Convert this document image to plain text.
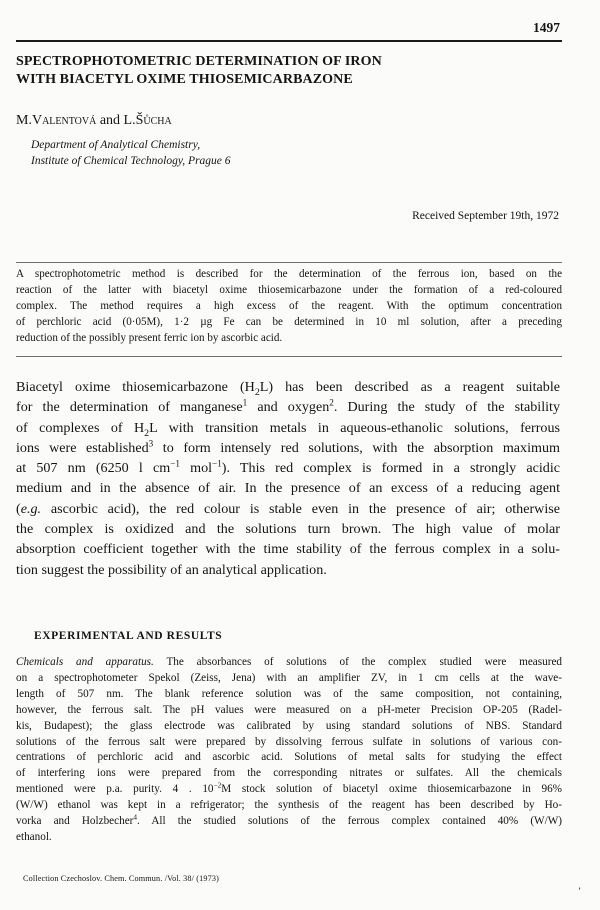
1497
SPECTROPHOTOMETRIC DETERMINATION OF IRON
WITH BIACETYL OXIME THIOSEMICARBAZONE
M.Valentová and L.Šůcha
Department of Analytical Chemistry,
Institute of Chemical Technology, Prague 6
Received September 19th, 1972
A spectrophotometric method is described for the determination of the ferrous ion, based on the
reaction of the latter with biacetyl oxime thiosemicarbazone under the formation of a red-coloured
complex. The method requires a high excess of the reagent. With the optimum concentration
of perchloric acid (0·05M), 1·2 µg Fe can be determined in 10 ml solution, after a preceding
reduction of the possibly present ferric ion by ascorbic acid.
Biacetyl oxime thiosemicarbazone $(H_2L)$ has been described as a reagent suitable
for the determination of manganese$^1$ and oxygen$^2$. During the study of the stability
of complexes of $H_2L$ with transition metals in aqueous-ethanolic solutions, ferrous
ions were established$^3$ to form intensely red solutions, with the absorption maximum
at 507 nm (6250 l $cm^{-1}$ mol$^{-1}$). This red complex is formed in a strongly acidic
medium and in the absence of air. In the presence of an excess of a reducing agent
(e.g. ascorbic acid), the red colour is stable even in the presence of air; otherwise
the complex is oxidized and the solutions turn brown. The high value of molar
absorption coefficient together with the time stability of the ferrous complex in a solu-
tion suggest the possibility of an analytical application.
EXPERIMENTAL AND RESULTS
Chemicals and apparatus. The absorbances of solutions of the complex studied were measured
on a spectrophotometer Spekol (Zeiss, Jena) with an amplifier ZV, in 1 cm cells at the wave-
length of 507 nm. The blank reference solution was of the same composition, not containing,
however, the ferrous salt. The pH values were measured on a pH-meter Precision OP-205 (Radel-
kis, Budapest); the glass electrode was calibrated by using standard solutions of NBS. Standard
solutions of the ferrous salt were prepared by dissolving ferrous sulfate in solutions of various con-
centrations of perchloric acid and ascorbic acid. Solutions of metal salts for studying the effect
of interfering ions were prepared from the corresponding nitrates or sulfates. All the chemicals
mentioned were p.a. purity. 4 . $10^{-2}M$ stock solution of biacetyl oxime thiosemicarbazone in 96%
(W/W) ethanol was kept in a refrigerator; the synthesis of the reagent has been described by Ho-
vorka and Holzbecher$^4$. All the studied solutions of the ferrous complex contained 40% (W/W)
ethanol.
Collection Czechoslov. Chem. Commun. /Vol. 38/ (1973)
ʼ
